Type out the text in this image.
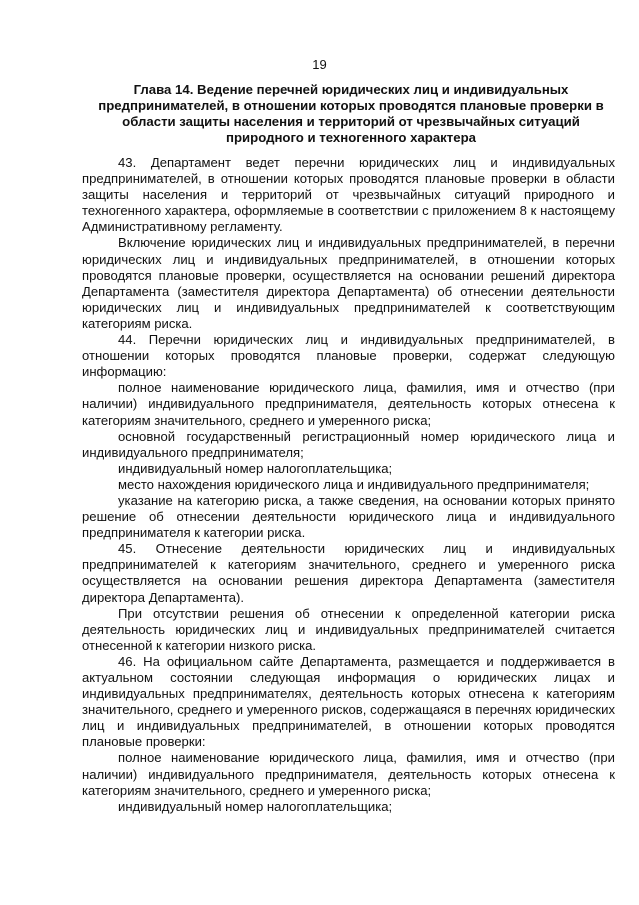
19
Глава 14. Ведение перечней юридических лиц и индивидуальных предпринимателей, в отношении которых проводятся плановые проверки в области защиты населения и территорий от чрезвычайных ситуаций природного и техногенного характера

43. Департамент ведет перечни юридических лиц и индивидуальных предпринимателей, в отношении которых проводятся плановые проверки в области защиты населения и территорий от чрезвычайных ситуаций природного и техногенного характера, оформляемые в соответствии с приложением 8 к настоящему Административному регламенту.

Включение юридических лиц и индивидуальных предпринимателей, в перечни юридических лиц и индивидуальных предпринимателей, в отношении которых проводятся плановые проверки, осуществляется на основании решений директора Департамента (заместителя директора Департамента) об отнесении деятельности юридических лиц и индивидуальных предпринимателей к соответствующим категориям риска.

44. Перечни юридических лиц и индивидуальных предпринимателей, в отношении которых проводятся плановые проверки, содержат следующую информацию:

полное наименование юридического лица, фамилия, имя и отчество (при наличии) индивидуального предпринимателя, деятельность которых отнесена к категориям значительного, среднего и умеренного риска;

основной государственный регистрационный номер юридического лица и индивидуального предпринимателя;

индивидуальный номер налогоплательщика;

место нахождения юридического лица и индивидуального предпринимателя;

указание на категорию риска, а также сведения, на основании которых принято решение об отнесении деятельности юридического лица и индивидуального предпринимателя к категории риска.

45. Отнесение деятельности юридических лиц и индивидуальных предпринимателей к категориям значительного, среднего и умеренного риска осуществляется на основании решения директора Департамента (заместителя директора Департамента).

При отсутствии решения об отнесении к определенной категории риска деятельность юридических лиц и индивидуальных предпринимателей считается отнесенной к категории низкого риска.

46. На официальном сайте Департамента, размещается и поддерживается в актуальном состоянии следующая информация о юридических лицах и индивидуальных предпринимателях, деятельность которых отнесена к категориям значительного, среднего и умеренного рисков, содержащаяся в перечнях юридических лиц и индивидуальных предпринимателей, в отношении которых проводятся плановые проверки:

полное наименование юридического лица, фамилия, имя и отчество (при наличии) индивидуального предпринимателя, деятельность которых отнесена к категориям значительного, среднего и умеренного риска;

индивидуальный номер налогоплательщика;
